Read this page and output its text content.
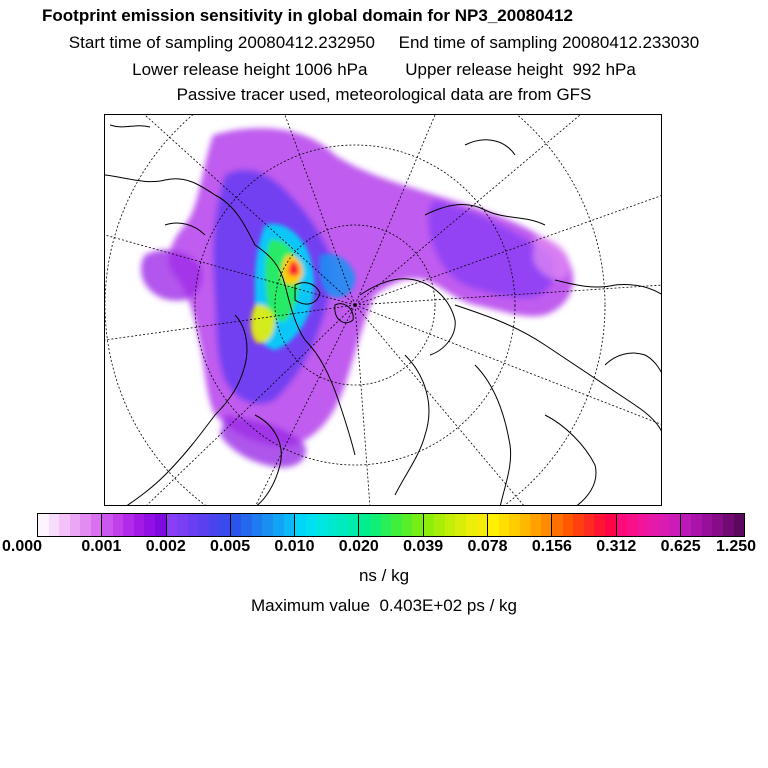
Footprint emission sensitivity in global domain for NP3_20080412
Start time of sampling 20080412.232950     End time of sampling 20080412.233030
Lower release height 1006 hPa        Upper release height  992 hPa
Passive tracer used, meteorological data are from GFS
0.000 0.001 0.002 0.005 0.010 0.020 0.039 0.078 0.156 0.312 0.625 1.250
ns / kg
Maximum value  0.403E+02 ps / kg
